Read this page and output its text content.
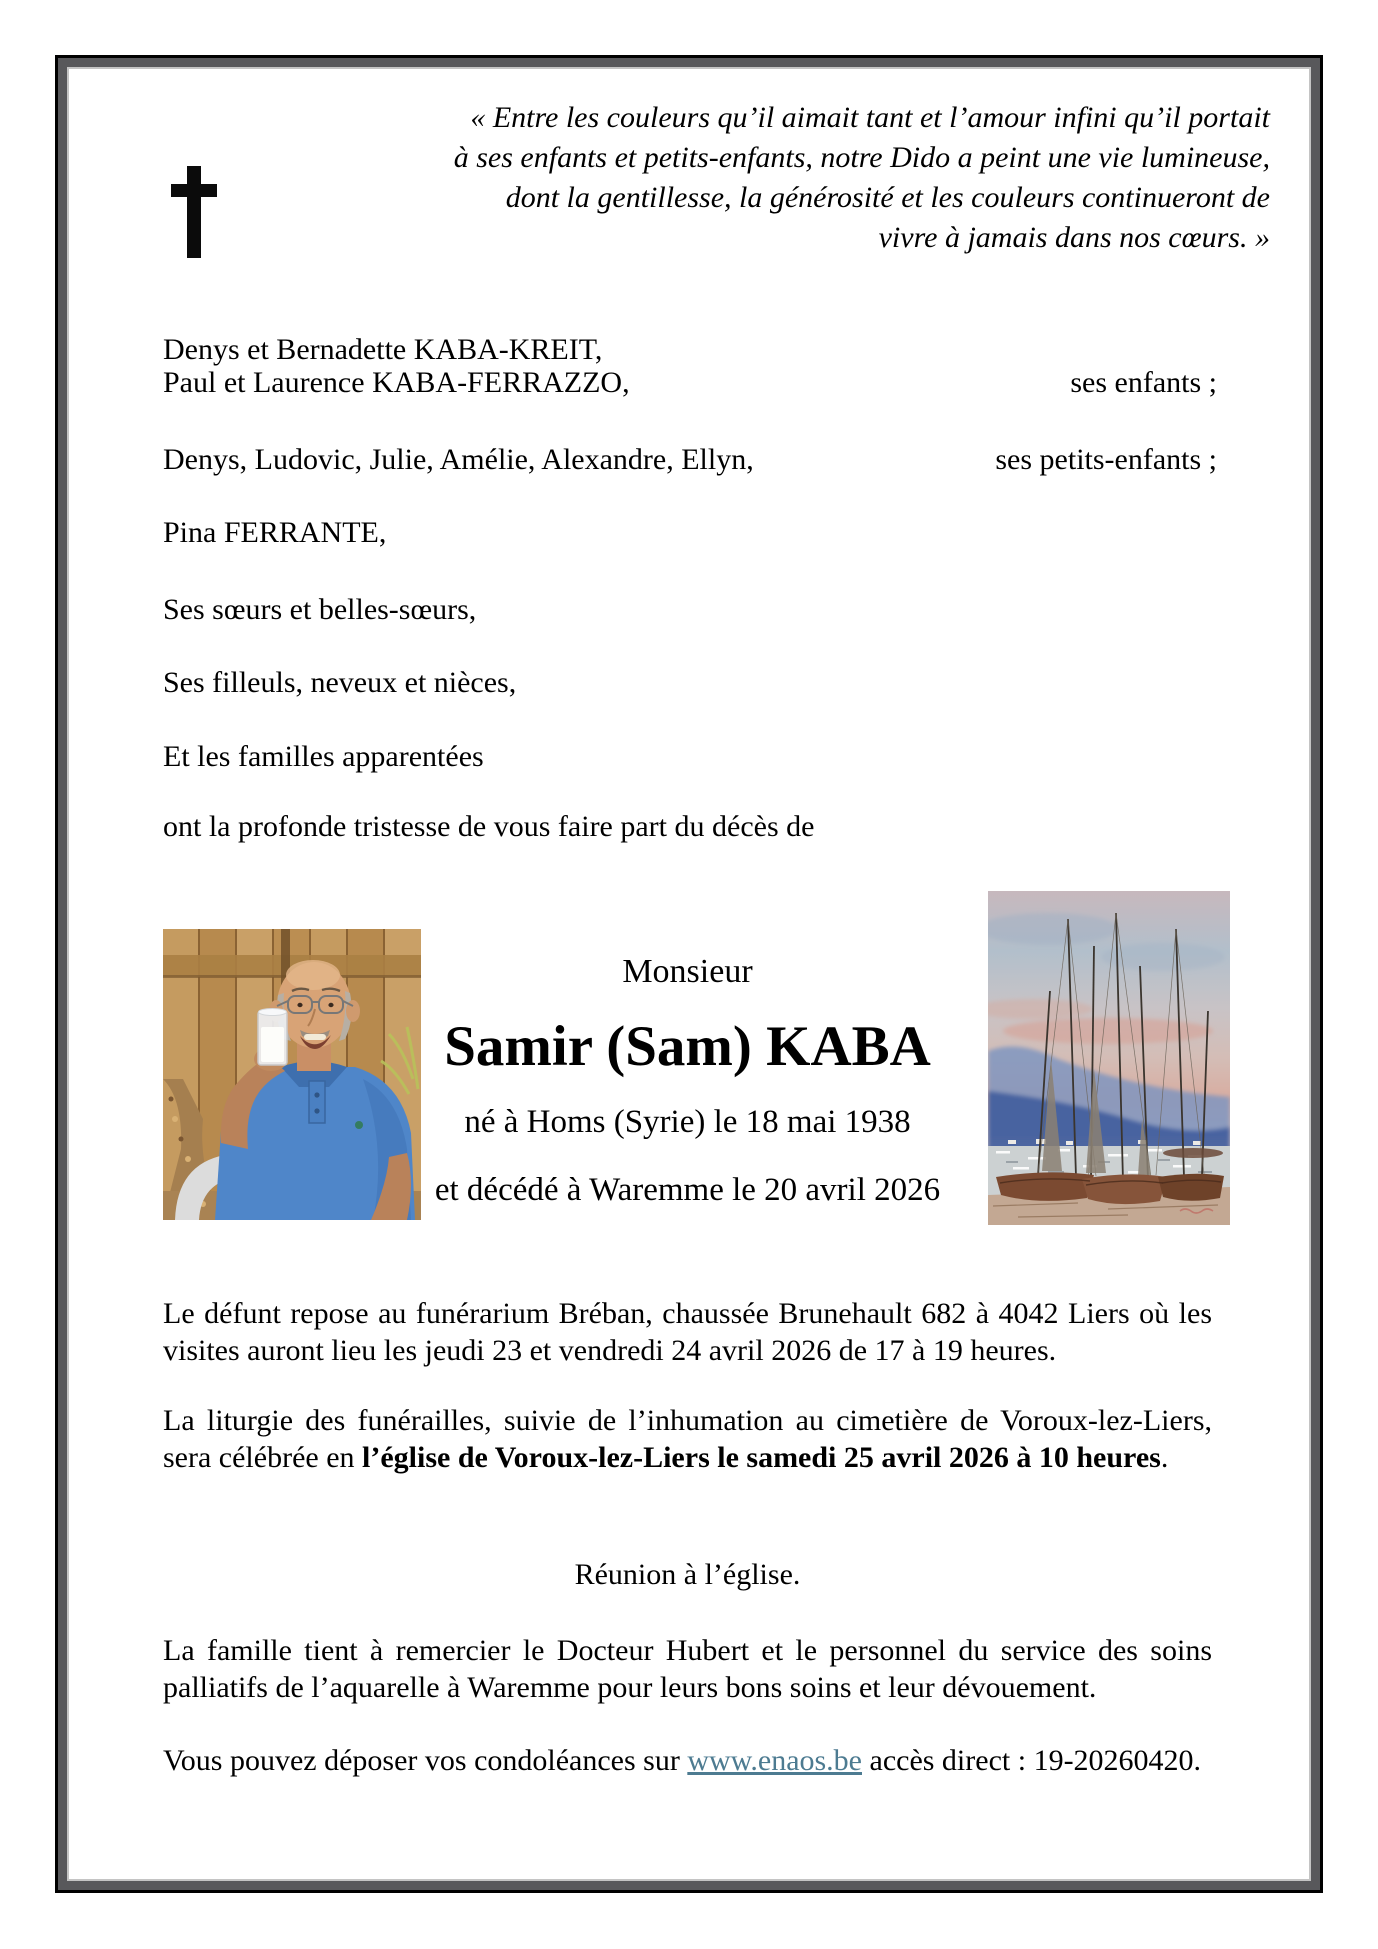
« Entre les couleurs qu’il aimait tant et l’amour infini qu’il portait
à ses enfants et petits-enfants, notre Dido a peint une vie lumineuse,
dont la gentillesse, la générosité et les couleurs continueront de
vivre à jamais dans nos cœurs. »
Denys et Bernadette KABA-KREIT,
Paul et Laurence KABA-FERRAZZO,	ses enfants ;
Denys, Ludovic, Julie, Amélie, Alexandre, Ellyn,	ses petits-enfants ;
Pina FERRANTE,
Ses sœurs et belles-sœurs,
Ses filleuls, neveux et nièces,
Et les familles apparentées
ont la profonde tristesse de vous faire part du décès de
Monsieur
Samir (Sam) KABA
né à Homs (Syrie) le 18 mai 1938
et décédé à Waremme le 20 avril 2026
Le défunt repose au funérarium Bréban, chaussée Brunehault 682 à 4042 Liers où les visites auront lieu les jeudi 23 et vendredi 24 avril 2026 de 17 à 19 heures.
La liturgie des funérailles, suivie de l’inhumation au cimetière de Voroux-lez-Liers, sera célébrée en l’église de Voroux-lez-Liers le samedi 25 avril 2026 à 10 heures.
Réunion à l’église.
La famille tient à remercier le Docteur Hubert et le personnel du service des soins palliatifs de l’aquarelle à Waremme pour leurs bons soins et leur dévouement.
Vous pouvez déposer vos condoléances sur www.enaos.be accès direct : 19-20260420.
